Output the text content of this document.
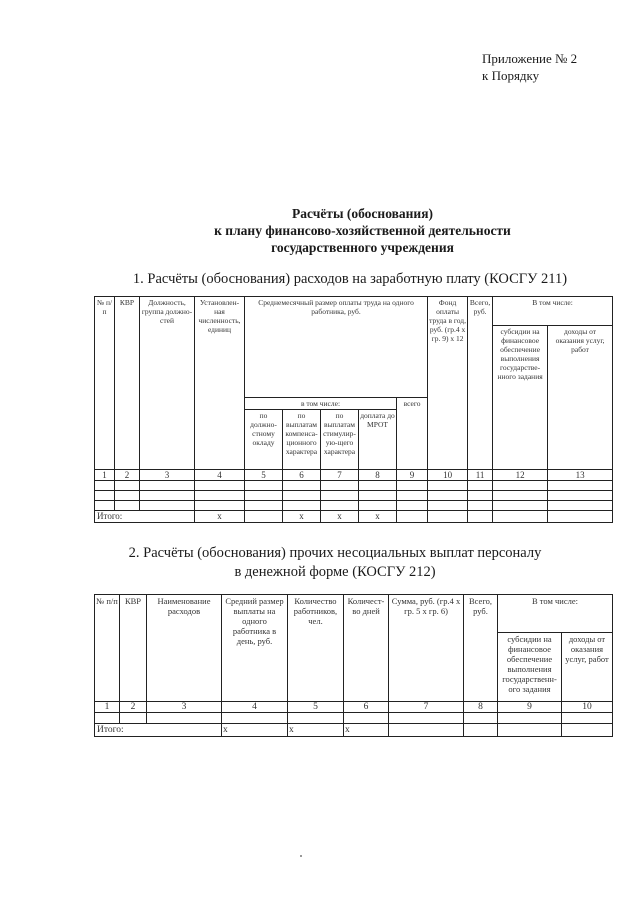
Приложение № 2
к Порядку
Расчёты (обоснования)
к плану финансово-хозяйственной деятельности
государственного учреждения
1. Расчёты (обоснования) расходов на заработную плату (КОСГУ 211)
№ п/п	КВР	Должность, группа должно-стей	Установлен-ная численность, единиц	Среднемесячный размер оплаты труда на одного работника, руб.					Фонд оплаты труда в год, руб. (гр.4 х гр. 9) х 12	Всего, руб.	В том числе:	
											субсидии на финансовое обеспечение выполнения государстве-нного задания	доходы от оказания услуг, работ
				в том числе:				всего				
				по должно-стному окладу	по выплатам компенса-ционного характера	по выплатам стимулир-ую-щего характера	доплата до МРОТ					
1	2	3	4	5	6	7	8	9	10	11	12	13

Итого:			х		х	х	х					
2. Расчёты (обоснования) прочих несоциальных выплат персоналу
в денежной форме (КОСГУ 212)
№ п/п	КВР	Наименование расходов	Средний размер выплаты на одного работника в день, руб.	Количество работников, чел.	Количест-во дней	Сумма, руб. (гр.4 х гр. 5 х гр. 6)	Всего, руб.	В том числе:	
								субсидии на финансовое обеспечение выполнения государственн-ого задания	доходы от оказания услуг, работ
1	2	3	4	5	6	7	8	9	10

Итого:			х	х	х				
